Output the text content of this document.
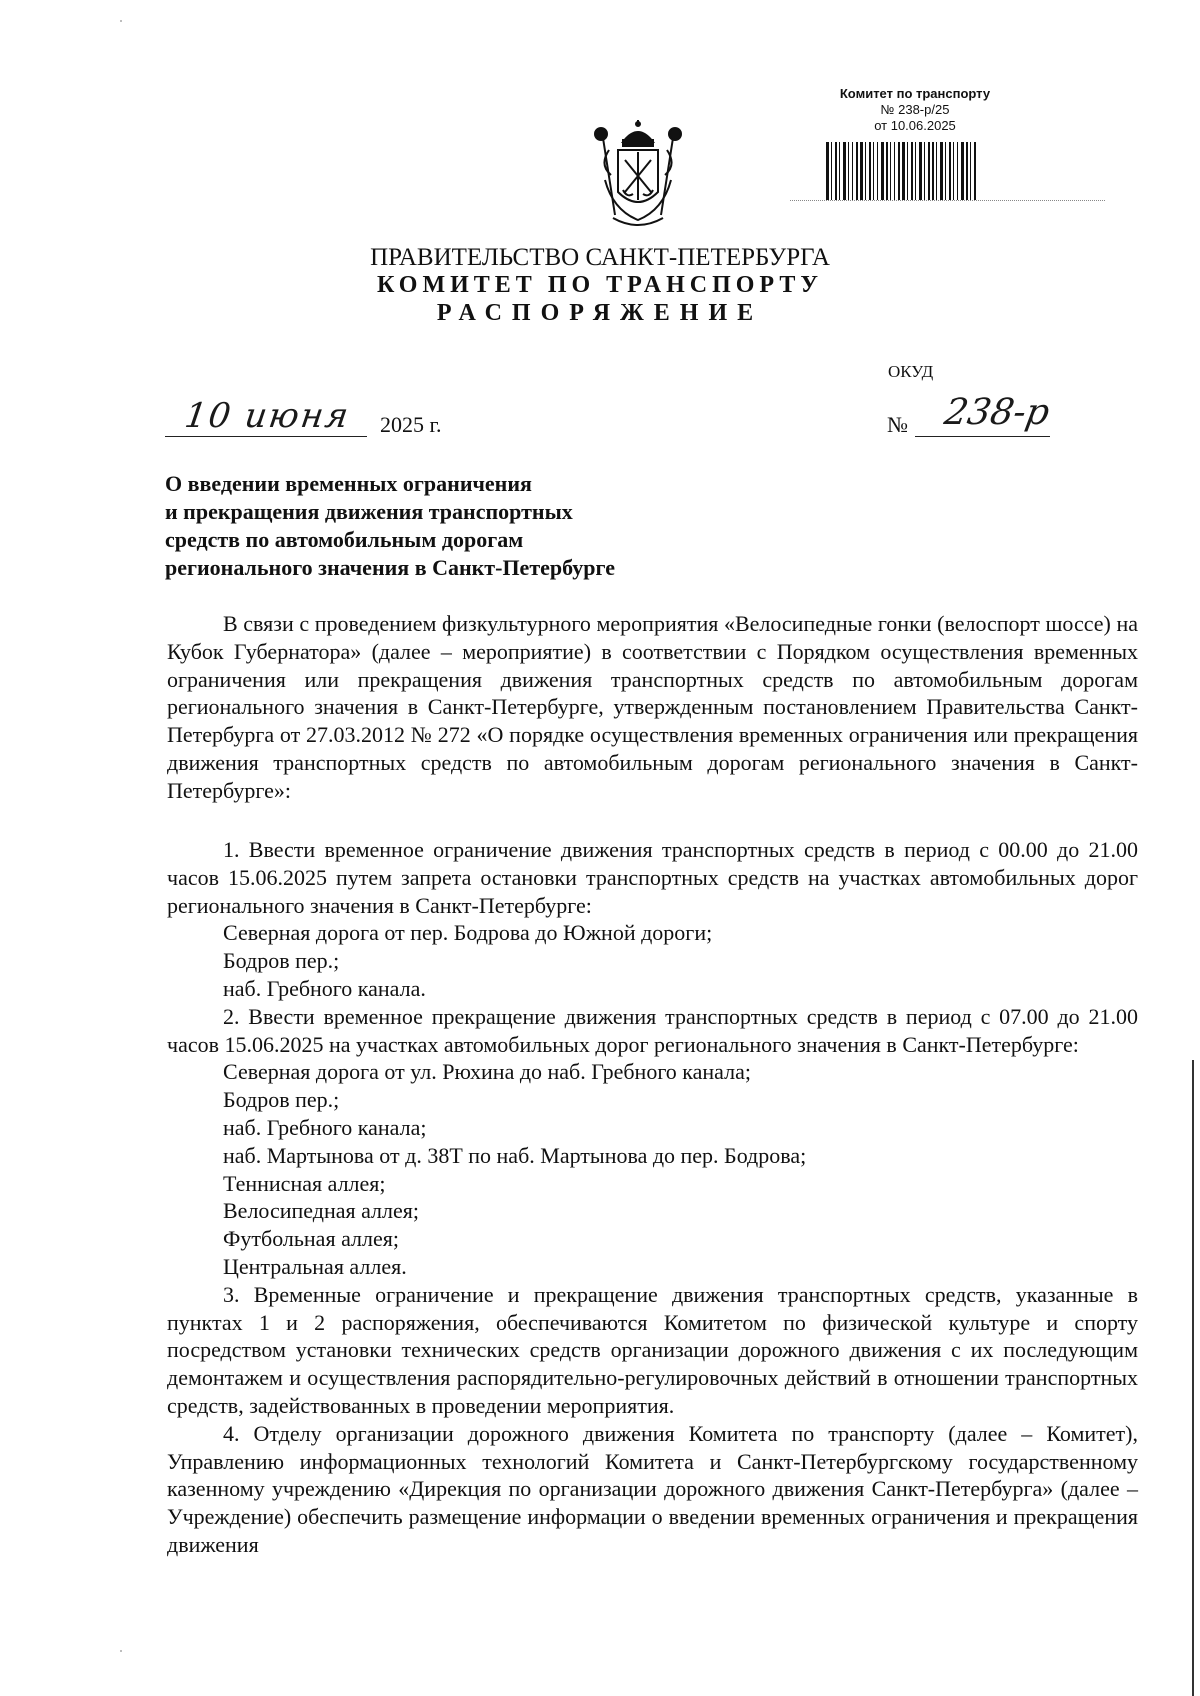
Комитет по транспорту
№ 238-р/25
от 10.06.2025
ПРАВИТЕЛЬСТВО САНКТ-ПЕТЕРБУРГА
КОМИТЕТ ПО ТРАНСПОРТУ
РАСПОРЯЖЕНИЕ
ОКУД
10 июня 2025 г.	№ 238-р
О введении временных ограничения
и прекращения движения транспортных
средств по автомобильным дорогам
регионального значения в Санкт-Петербурге

В связи с проведением физкультурного мероприятия «Велосипедные гонки (велоспорт шоссе) на Кубок Губернатора» (далее – мероприятие) в соответствии с Порядком осуществления временных ограничения или прекращения движения транспортных средств по автомобильным дорогам регионального значения в Санкт-Петербурге, утвержденным постановлением Правительства Санкт-Петербурга от 27.03.2012 № 272 «О порядке осуществления временных ограничения или прекращения движения транспортных средств по автомобильным дорогам регионального значения в Санкт-Петербурге»:

1. Ввести временное ограничение движения транспортных средств в период с 00.00 до 21.00 часов 15.06.2025 путем запрета остановки транспортных средств на участках автомобильных дорог регионального значения в Санкт-Петербурге:

Северная дорога от пер. Бодрова до Южной дороги;
Бодров пер.;
наб. Гребного канала.

2. Ввести временное прекращение движения транспортных средств в период с 07.00 до 21.00 часов 15.06.2025 на участках автомобильных дорог регионального значения в Санкт-Петербурге:

Северная дорога от ул. Рюхина до наб. Гребного канала;
Бодров пер.;
наб. Гребного канала;
наб. Мартынова от д. 38Т по наб. Мартынова до пер. Бодрова;
Теннисная аллея;
Велосипедная аллея;
Футбольная аллея;
Центральная аллея.

3. Временные ограничение и прекращение движения транспортных средств, указанные в пунктах 1 и 2 распоряжения, обеспечиваются Комитетом по физической культуре и спорту посредством установки технических средств организации дорожного движения с их последующим демонтажем и осуществления распорядительно-регулировочных действий в отношении транспортных средств, задействованных в проведении мероприятия.

4. Отделу организации дорожного движения Комитета по транспорту (далее – Комитет), Управлению информационных технологий Комитета и Санкт-Петербургскому государственному казенному учреждению «Дирекция по организации дорожного движения Санкт-Петербурга» (далее – Учреждение) обеспечить размещение информации о введении временных ограничения и прекращения движения
